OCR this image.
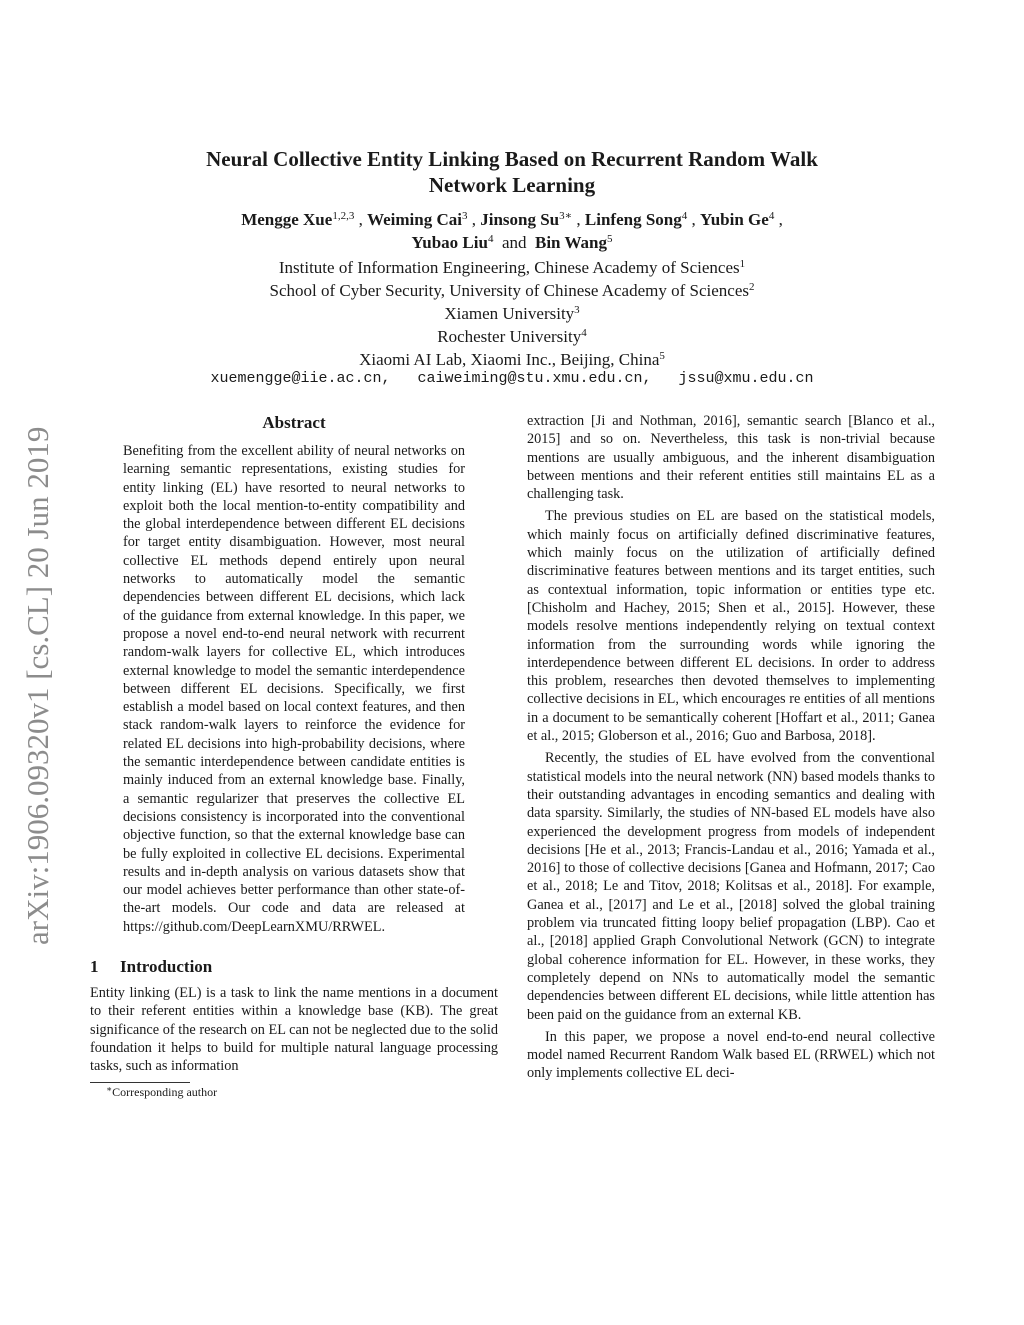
arXiv:1906.09320v1 [cs.CL] 20 Jun 2019
Neural Collective Entity Linking Based on Recurrent Random Walk
Network Learning
Mengge Xue$^{1,2,3}$ , Weiming Cai$^3$ , Jinsong $Su^{3∗}$ , Linfeng Song$^4$ , Yubin Ge$^4$ ,
Yubao Liu$^4$  and  Bin Wang$^5$
Institute of Information Engineering, Chinese Academy of Sciences$^1$
School of Cyber Security, University of Chinese Academy of Sciences$^2$
Xiamen University$^3$
Rochester University$^4$
Xiaomi AI Lab, Xiaomi Inc., Beijing, China$^5$
xuemengge@iie.ac.cn,   caiweiming@stu.xmu.edu.cn,   jssu@xmu.edu.cn
Abstract
Benefiting from the excellent ability of neural networks on learning semantic representations, existing studies for entity linking (EL) have resorted to neural networks to exploit both the local mention-to-entity compatibility and the global interdependence between different EL decisions for target entity disambiguation. However, most neural collective EL methods depend entirely upon neural networks to automatically model the semantic dependencies between different EL decisions, which lack of the guidance from external knowledge. In this paper, we propose a novel end-to-end neural network with recurrent random-walk layers for collective EL, which introduces external knowledge to model the semantic interdependence between different EL decisions. Specifically, we first establish a model based on local context features, and then stack random-walk layers to reinforce the evidence for related EL decisions into high-probability decisions, where the semantic interdependence between candidate entities is mainly induced from an external knowledge base. Finally, a semantic regularizer that preserves the collective EL decisions consistency is incorporated into the conventional objective function, so that the external knowledge base can be fully exploited in collective EL decisions. Experimental results and in-depth analysis on various datasets show that our model achieves better performance than other state-of-the-art models. Our code and data are released at https://github.com/DeepLearnXMU/RRWEL.
1 Introduction

Entity linking (EL) is a task to link the name mentions in a document to their referent entities within a knowledge base (KB). The great significance of the research on EL can not be neglected due to the solid foundation it helps to build for multiple natural language processing tasks, such as information

∗Corresponding author

extraction [Ji and Nothman, 2016], semantic search [Blanco et al., 2015] and so on. Nevertheless, this task is non-trivial because mentions are usually ambiguous, and the inherent disambiguation between mentions and their referent entities still maintains EL as a challenging task.

The previous studies on EL are based on the statistical models, which mainly focus on artificially defined discriminative features, which mainly focus on the utilization of artificially defined discriminative features between mentions and its target entities, such as contextual information, topic information or entities type etc. [Chisholm and Hachey, 2015; Shen et al., 2015]. However, these models resolve mentions independently relying on textual context information from the surrounding words while ignoring the interdependence between different EL decisions. In order to address this problem, researches then devoted themselves to implementing collective decisions in EL, which encourages re entities of all mentions in a document to be semantically coherent [Hoffart et al., 2011; Ganea et al., 2015; Globerson et al., 2016; Guo and Barbosa, 2018].

Recently, the studies of EL have evolved from the conventional statistical models into the neural network (NN) based models thanks to their outstanding advantages in encoding semantics and dealing with data sparsity. Similarly, the studies of NN-based EL models have also experienced the development progress from models of independent decisions [He et al., 2013; Francis-Landau et al., 2016; Yamada et al., 2016] to those of collective decisions [Ganea and Hofmann, 2017; Cao et al., 2018; Le and Titov, 2018; Kolitsas et al., 2018]. For example, Ganea et al., [2017] and Le et al., [2018] solved the global training problem via truncated fitting loopy belief propagation (LBP). Cao et al., [2018] applied Graph Convolutional Network (GCN) to integrate global coherence information for EL. However, in these works, they completely depend on NNs to automatically model the semantic dependencies between different EL decisions, while little attention has been paid on the guidance from an external KB.

In this paper, we propose a novel end-to-end neural collective model named Recurrent Random Walk based EL (RRWEL) which not only implements collective EL deci-
